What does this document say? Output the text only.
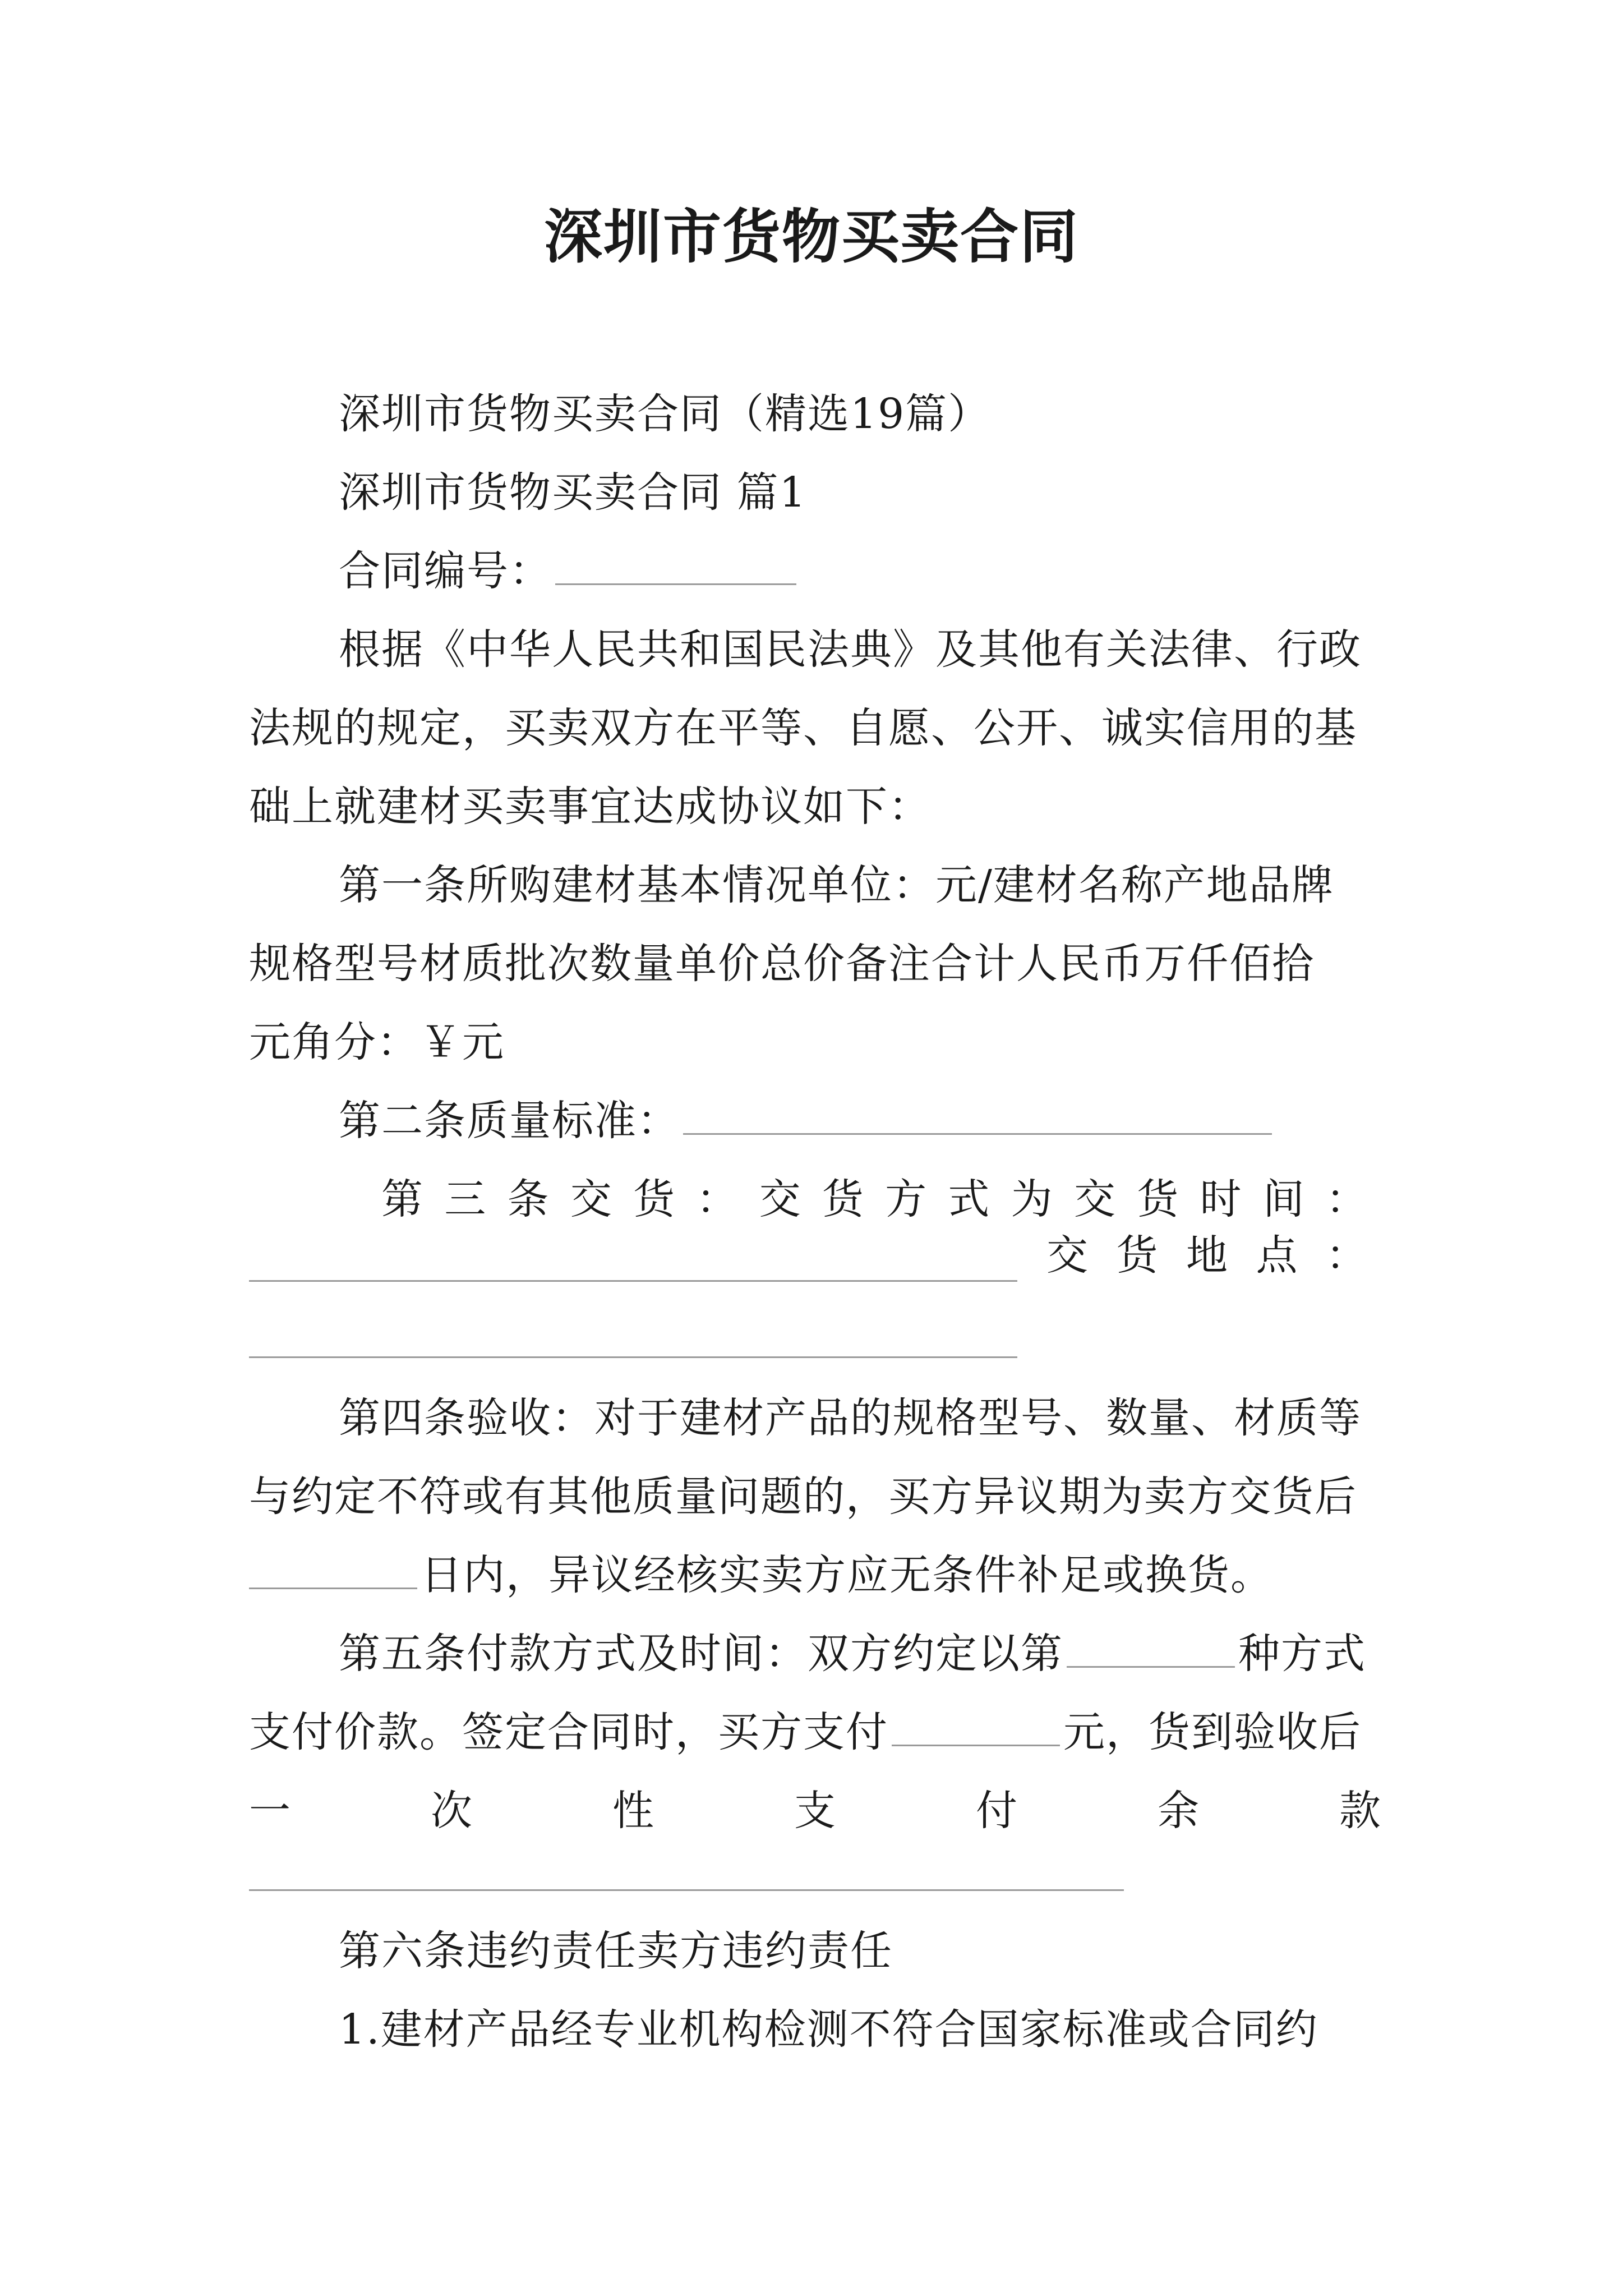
深圳市货物买卖合同
深圳市货物买卖合同（精选19篇）
深圳市货物买卖合同 篇1
合同编号：
根据《中华人民共和国民法典》及其他有关法律、行政
法规的规定，买卖双方在平等、自愿、公开、诚实信用的基
础上就建材买卖事宜达成协议如下：
第一条所购建材基本情况单位：元/建材名称产地品牌
规格型号材质批次数量单价总价备注合计人民币万仟佰拾
元角分：￥元
第二条质量标准：
第 三 条 交 货 ： 交 货 方 式 为 交 货 时 间 ：
交 货 地 点 ：
第四条验收：对于建材产品的规格型号、数量、材质等
与约定不符或有其他质量问题的，买方异议期为卖方交货后
日内，异议经核实卖方应无条件补足或换货。
第五条付款方式及时间：双方约定以第	种方式
支付价款。签定合同时，买方支付	元，货到验收后
一	次	性	支	付	余	款
第六条违约责任卖方违约责任
1.建材产品经专业机构检测不符合国家标准或合同约
